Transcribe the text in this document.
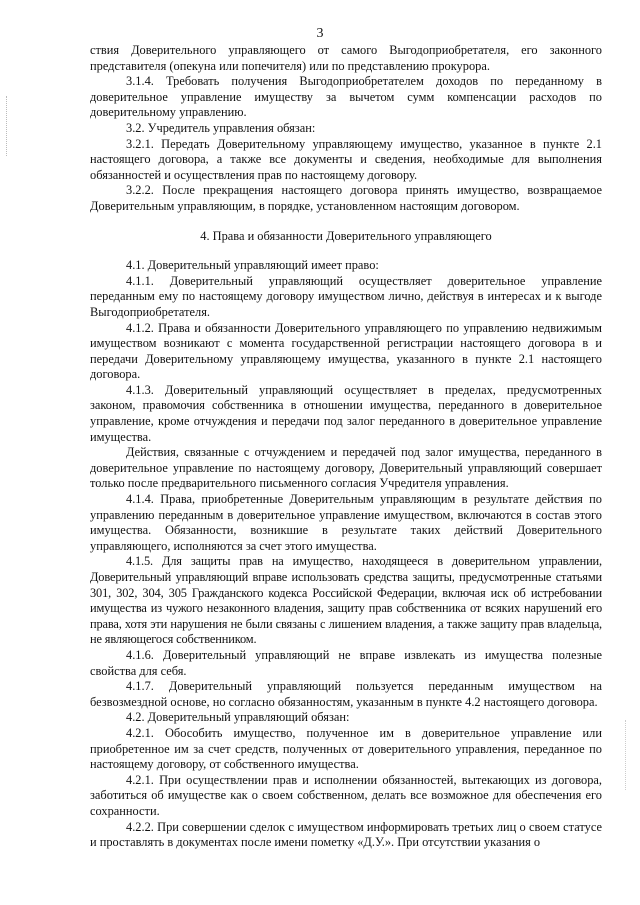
3

ствия Доверительного управляющего от самого Выгодоприобретателя, его законного представителя (опекуна или попечителя) или по представлению прокурора.

3.1.4. Требовать получения Выгодоприобретателем доходов по переданному в доверительное управление имуществу за вычетом сумм компенсации расходов по доверительному управлению.

3.2. Учредитель управления обязан:

3.2.1. Передать Доверительному управляющему имущество, указанное в пункте 2.1 настоящего договора, а также все документы и сведения, необходимые для выполнения обязанностей и осуществления прав по настоящему договору.

3.2.2. После прекращения настоящего договора принять имущество, возвращаемое Доверительным управляющим, в порядке, установленном настоящим договором.

4. Права и обязанности Доверительного управляющего

4.1. Доверительный управляющий имеет право:

4.1.1. Доверительный управляющий осуществляет доверительное управление переданным ему по настоящему договору имуществом лично, действуя в интересах и к выгоде Выгодоприобретателя.

4.1.2. Права и обязанности Доверительного управляющего по управлению недвижимым имуществом возникают с момента государственной регистрации настоящего договора в и передачи Доверительному управляющему имущества, указанного в пункте 2.1 настоящего договора.

4.1.3. Доверительный управляющий осуществляет в пределах, предусмотренных законом, правомочия собственника в отношении имущества, переданного в доверительное управление, кроме отчуждения и передачи под залог переданного в доверительное управление имущества.

Действия, связанные с отчуждением и передачей под залог имущества, переданного в доверительное управление по настоящему договору, Доверительный управляющий совершает только после предварительного письменного согласия Учредителя управления.

4.1.4. Права, приобретенные Доверительным управляющим в результате действия по управлению переданным в доверительное управление имуществом, включаются в состав этого имущества. Обязанности, возникшие в результате таких действий Доверительного управляющего, исполняются за счет этого имущества.

4.1.5. Для защиты прав на имущество, находящееся в доверительном управлении, Доверительный управляющий вправе использовать средства защиты, предусмотренные статьями 301, 302, 304, 305 Гражданского кодекса Российской Федерации, включая иск об истребовании имущества из чужого незаконного владения, защиту прав собственника от всяких нарушений его права, хотя эти нарушения не были связаны с лишением владения, а также защиту прав владельца, не являющегося собственником.

4.1.6. Доверительный управляющий не вправе извлекать из имущества полезные свойства для себя.

4.1.7. Доверительный управляющий пользуется переданным имуществом на безвозмездной основе, но согласно обязанностям, указанным в пункте 4.2 настоящего договора.

4.2. Доверительный управляющий обязан:

4.2.1. Обособить имущество, полученное им в доверительное управление или приобретенное им за счет средств, полученных от доверительного управления, переданное по настоящему договору, от собственного имущества.

4.2.1. При осуществлении прав и исполнении обязанностей, вытекающих из договора, заботиться об имуществе как о своем собственном, делать все возможное для обеспечения его сохранности.

4.2.2. При совершении сделок с имуществом информировать третьих лиц о своем статусе и проставлять в документах после имени пометку «Д.У.». При отсутствии указания о
